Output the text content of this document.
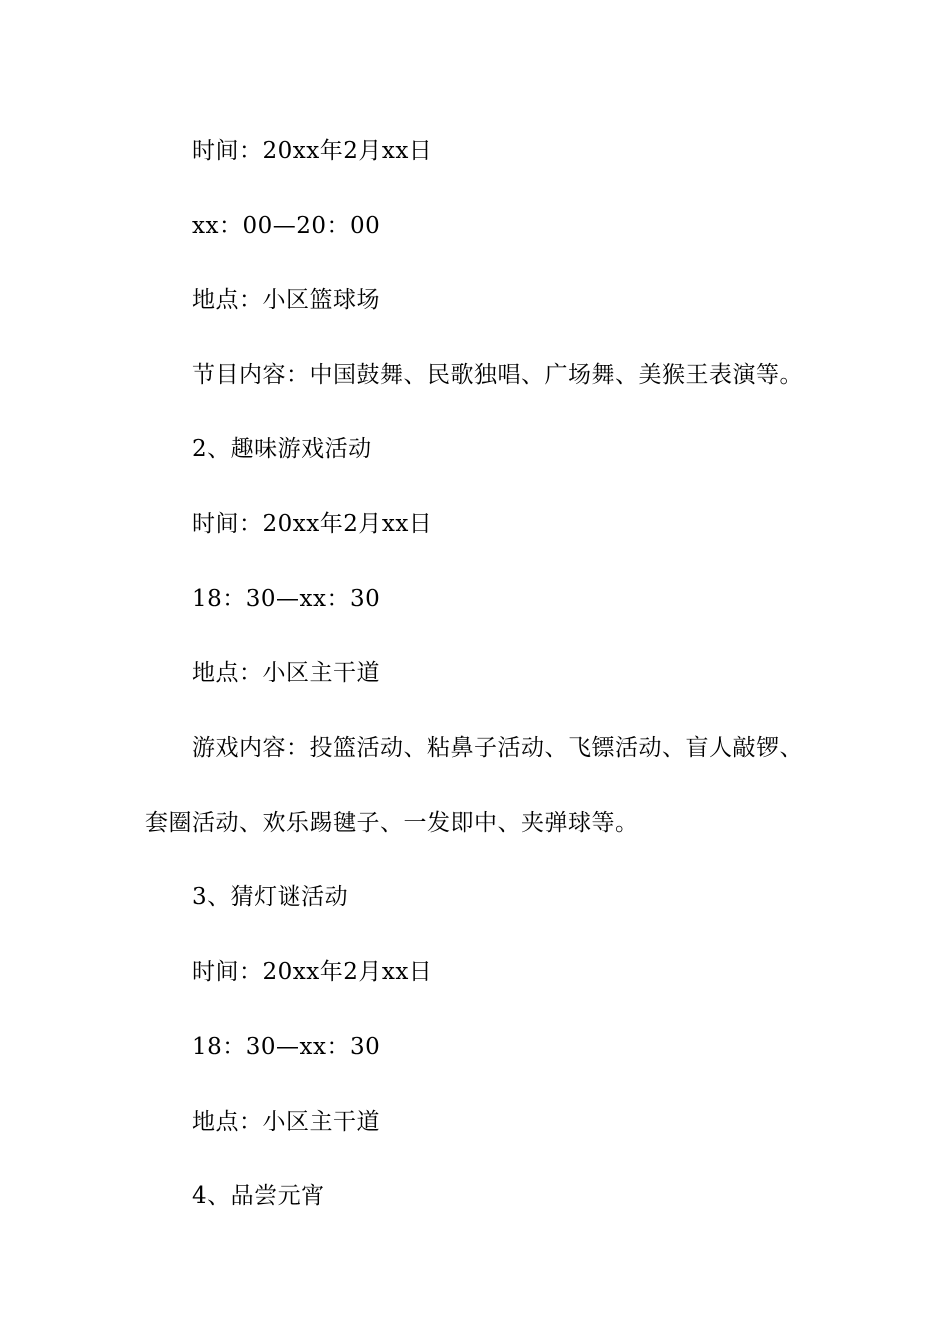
时间：20xx年2月xx日
xx：00—20：00
地点：小区篮球场
节目内容：中国鼓舞、民歌独唱、广场舞、美猴王表演等。
2、趣味游戏活动
时间：20xx年2月xx日
18：30—xx：30
地点：小区主干道
游戏内容：投篮活动、粘鼻子活动、飞镖活动、盲人敲锣、
套圈活动、欢乐踢毽子、一发即中、夹弹球等。
3、猜灯谜活动
时间：20xx年2月xx日
18：30—xx：30
地点：小区主干道
4、品尝元宵
